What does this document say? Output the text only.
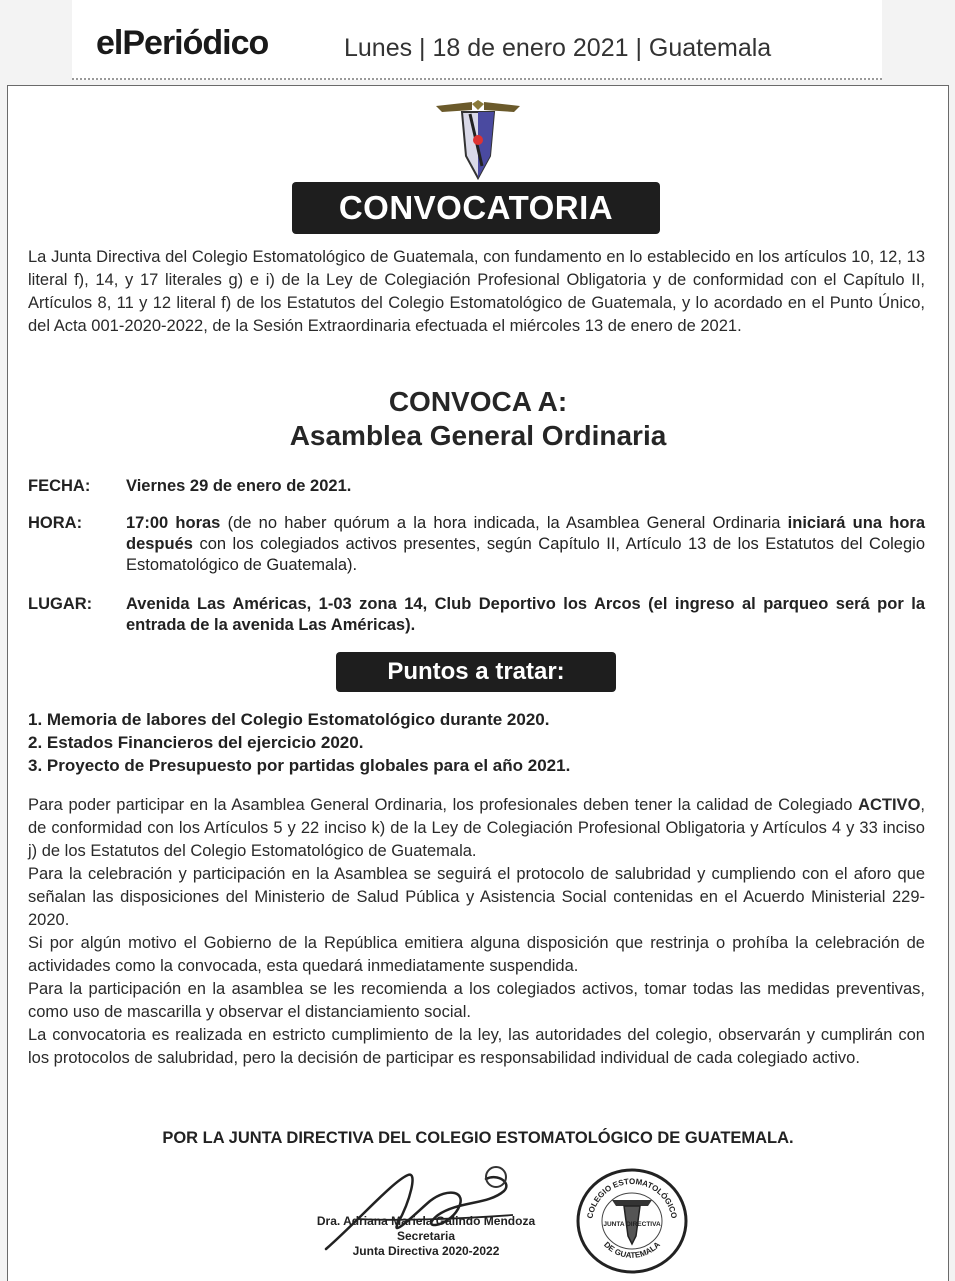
elPeriódico	Lunes | 18 de enero 2021 | Guatemala
CONVOCATORIA

La Junta Directiva del Colegio Estomatológico de Guatemala, con fundamento en lo establecido en los artículos 10, 12, 13 literal f), 14, y 17 literales g) e i) de la Ley de Colegiación Profesional Obligatoria y de conformidad con el Capítulo II, Artículos 8, 11 y 12 literal f) de los Estatutos del Colegio Estomatológico de Guatemala, y lo acordado en el Punto Único, del Acta 001-2020-2022, de la Sesión Extraordinaria efectuada el miércoles 13 de enero de 2021.

CONVOCA A:
Asamblea General Ordinaria
FECHA:	Viernes 29 de enero de 2021.
HORA:	17:00 horas (de no haber quórum a la hora indicada, la Asamblea General Ordinaria iniciará una hora después con los colegiados activos presentes, según Capítulo II, Artículo 13 de los Estatutos del Colegio Estomatológico de Guatemala).
LUGAR:	Avenida Las Américas, 1-03 zona 14, Club Deportivo los Arcos (el ingreso al parqueo será por la entrada de la avenida Las Américas).
Puntos a tratar:
1. Memoria de labores del Colegio Estomatológico durante 2020.
2. Estados Financieros del ejercicio 2020.
3. Proyecto de Presupuesto por partidas globales para el año 2021.

Para poder participar en la Asamblea General Ordinaria, los profesionales deben tener la calidad de Colegiado ACTIVO, de conformidad con los Artículos 5 y 22 inciso k) de la Ley de Colegiación Profesional Obligatoria y Artículos 4 y 33 inciso j) de los Estatutos del Colegio Estomatológico de Guatemala.

Para la celebración y participación en la Asamblea se seguirá el protocolo de salubridad y cumpliendo con el aforo que señalan las disposiciones del Ministerio de Salud Pública y Asistencia Social contenidas en el Acuerdo Ministerial 229-2020.

Si por algún motivo el Gobierno de la República emitiera alguna disposición que restrinja o prohíba la celebración de actividades como la convocada, esta quedará inmediatamente suspendida.

Para la participación en la asamblea se les recomienda a los colegiados activos, tomar todas las medidas preventivas, como uso de mascarilla y observar el distanciamiento social.

La convocatoria es realizada en estricto cumplimiento de la ley, las autoridades del colegio, observarán y cumplirán con los protocolos de salubridad, pero la decisión de participar es responsabilidad individual de cada colegiado activo.

POR LA JUNTA DIRECTIVA DEL COLEGIO ESTOMATOLÓGICO DE GUATEMALA.
Dra. Adriana Mariela Galindo Mendoza
Secretaria
Junta Directiva 2020-2022
COLEGIO ESTOMATOLÓGICO
DE GUATEMALA
JUNTA DIRECTIVA
